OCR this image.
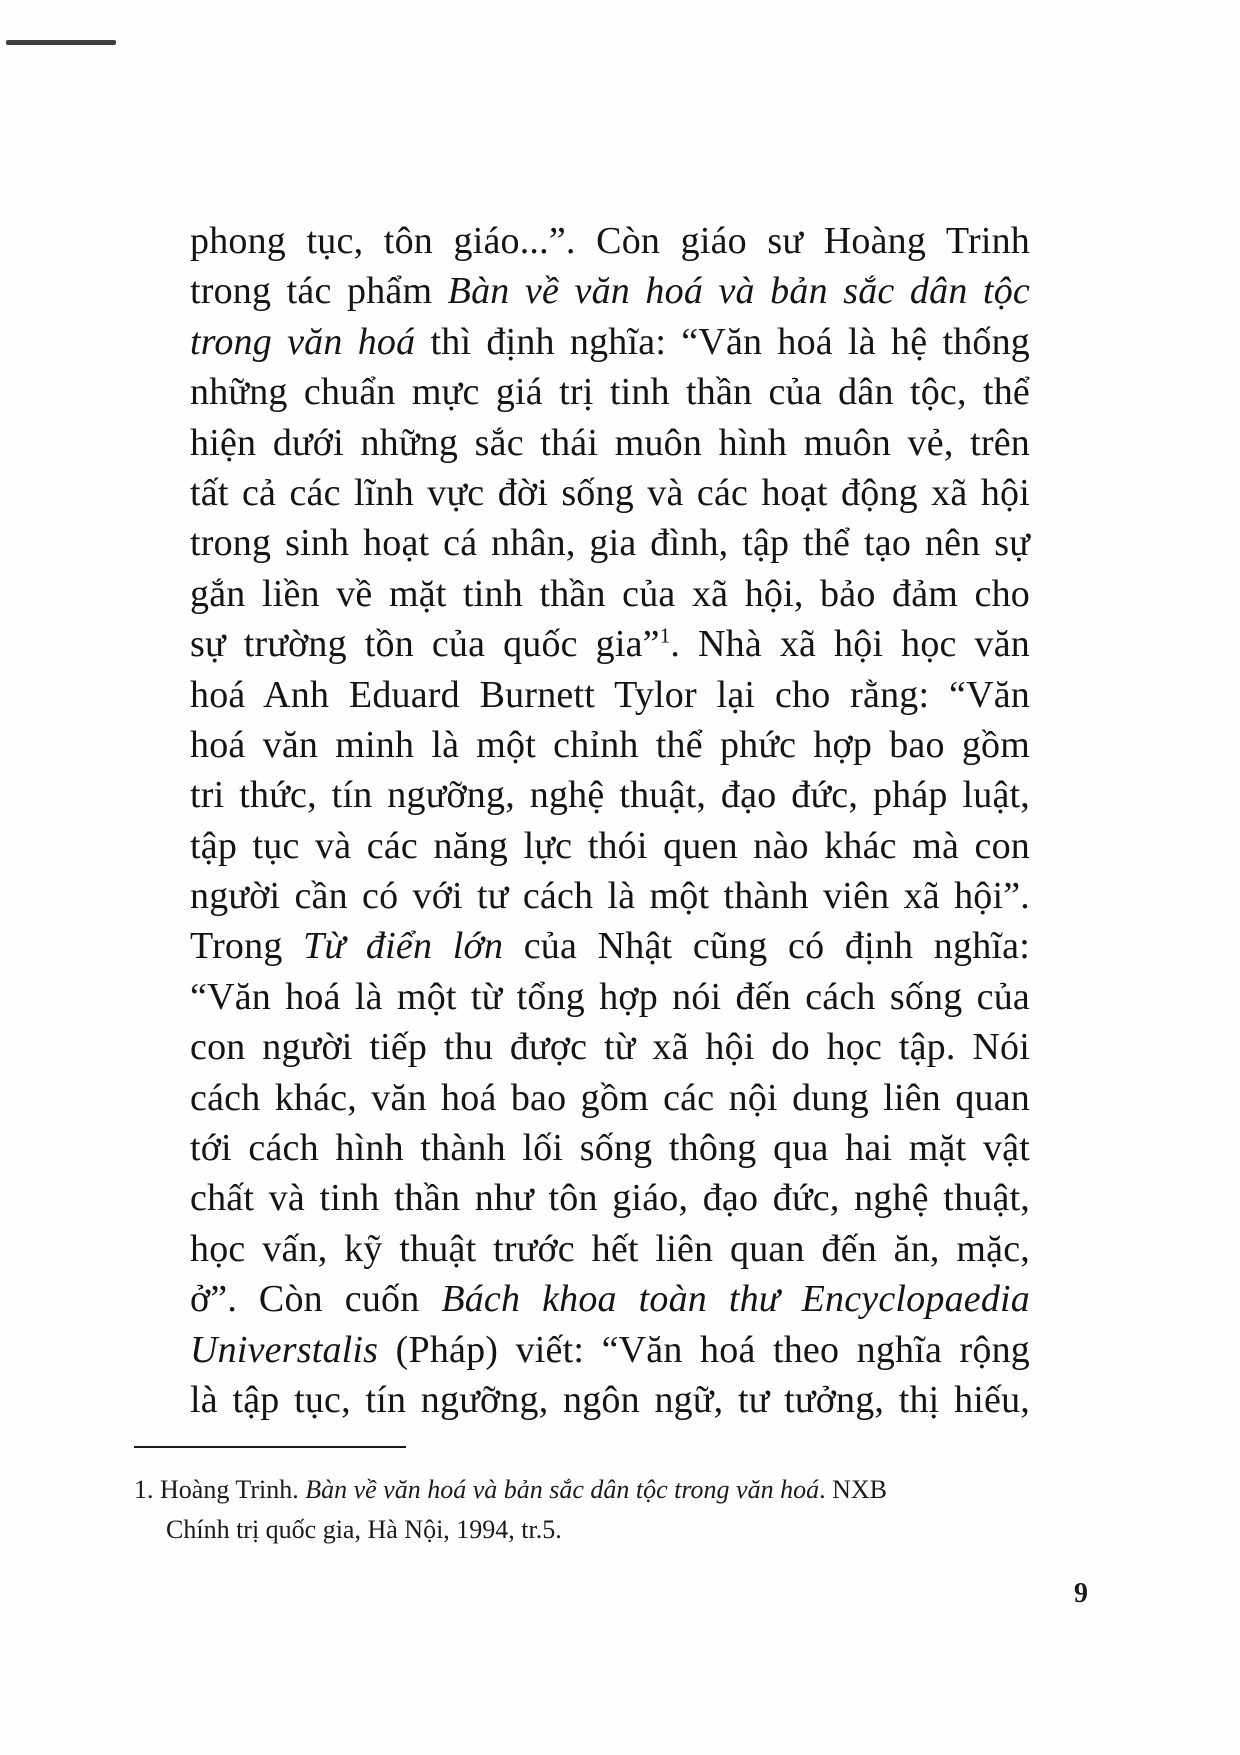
phong tục, tôn giáo...”. Còn giáo sư Hoàng Trinh
trong tác phẩm Bàn về văn hoá và bản sắc dân tộc
trong văn hoá thì định nghĩa: “Văn hoá là hệ thống
những chuẩn mực giá trị tinh thần của dân tộc, thể
hiện dưới những sắc thái muôn hình muôn vẻ, trên
tất cả các lĩnh vực đời sống và các hoạt động xã hội
trong sinh hoạt cá nhân, gia đình, tập thể tạo nên sự
gắn liền về mặt tinh thần của xã hội, bảo đảm cho
sự trường tồn của quốc gia”$^1$. Nhà xã hội học văn
hoá Anh Eduard Burnett Tylor lại cho rằng: “Văn
hoá văn minh là một chỉnh thể phức hợp bao gồm
tri thức, tín ngưỡng, nghệ thuật, đạo đức, pháp luật,
tập tục và các năng lực thói quen nào khác mà con
người cần có với tư cách là một thành viên xã hội”.
Trong Từ điển lớn của Nhật cũng có định nghĩa:
“Văn hoá là một từ tổng hợp nói đến cách sống của
con người tiếp thu được từ xã hội do học tập. Nói
cách khác, văn hoá bao gồm các nội dung liên quan
tới cách hình thành lối sống thông qua hai mặt vật
chất và tinh thần như tôn giáo, đạo đức, nghệ thuật,
học vấn, kỹ thuật trước hết liên quan đến ăn, mặc,
ở”. Còn cuốn Bách khoa toàn thư Encyclopaedia
Universtalis (Pháp) viết: “Văn hoá theo nghĩa rộng
là tập tục, tín ngưỡng, ngôn ngữ, tư tưởng, thị hiếu,
1. Hoàng Trinh. Bàn về văn hoá và bản sắc dân tộc trong văn hoá. NXB
Chính trị quốc gia, Hà Nội, 1994, tr.5.
9
